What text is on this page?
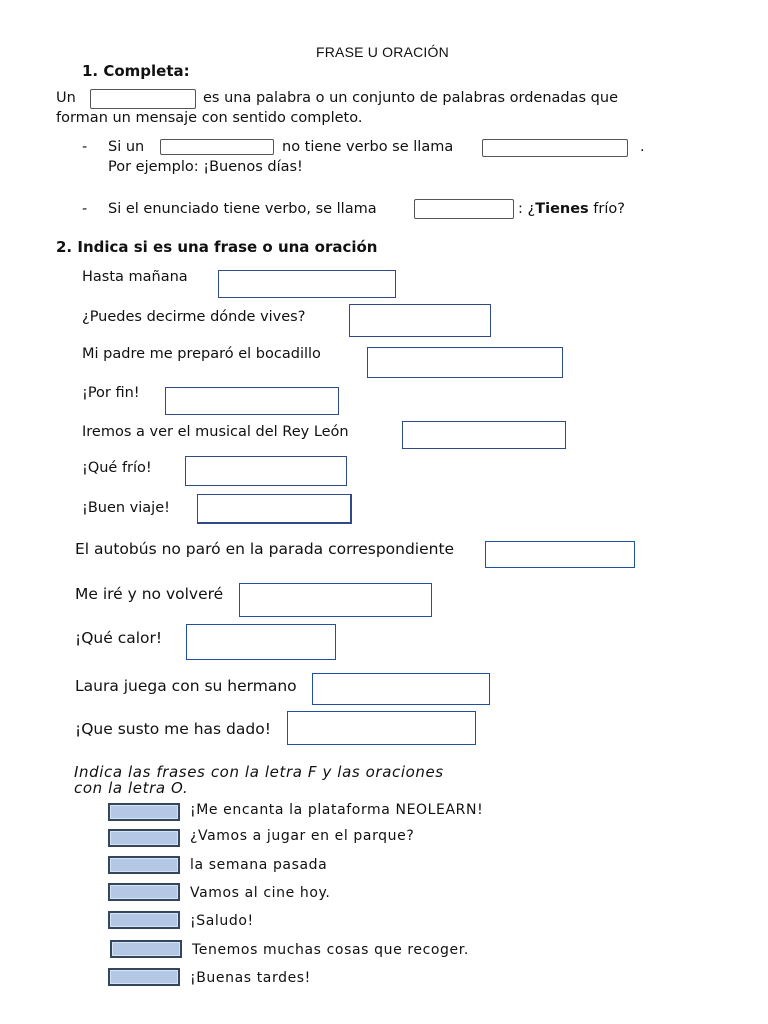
FRASE U ORACIÓN
1. Completa:
Un	es una palabra o un conjunto de palabras ordenadas que
forman un mensaje con sentido completo.
- Si un	no tiene verbo se llama	.
Por ejemplo: ¡Buenos días!
- Si el enunciado tiene verbo, se llama	: ¿Tienes frío?
2. Indica si es una frase o una oración
Hasta mañana
¿Puedes decirme dónde vives?
Mi padre me preparó el bocadillo
¡Por fin!
Iremos a ver el musical del Rey León
¡Qué frío!
¡Buen viaje!
El autobús no paró en la parada correspondiente
Me iré y no volveré
¡Qué calor!
Laura juega con su hermano
¡Que susto me has dado!
Indica las frases con la letra F y las oraciones
con la letra O.
¡Me encanta la plataforma NEOLEARN!
¿Vamos a jugar en el parque?
la semana pasada
Vamos al cine hoy.
¡Saludo!
Tenemos muchas cosas que recoger.
¡Buenas tardes!
